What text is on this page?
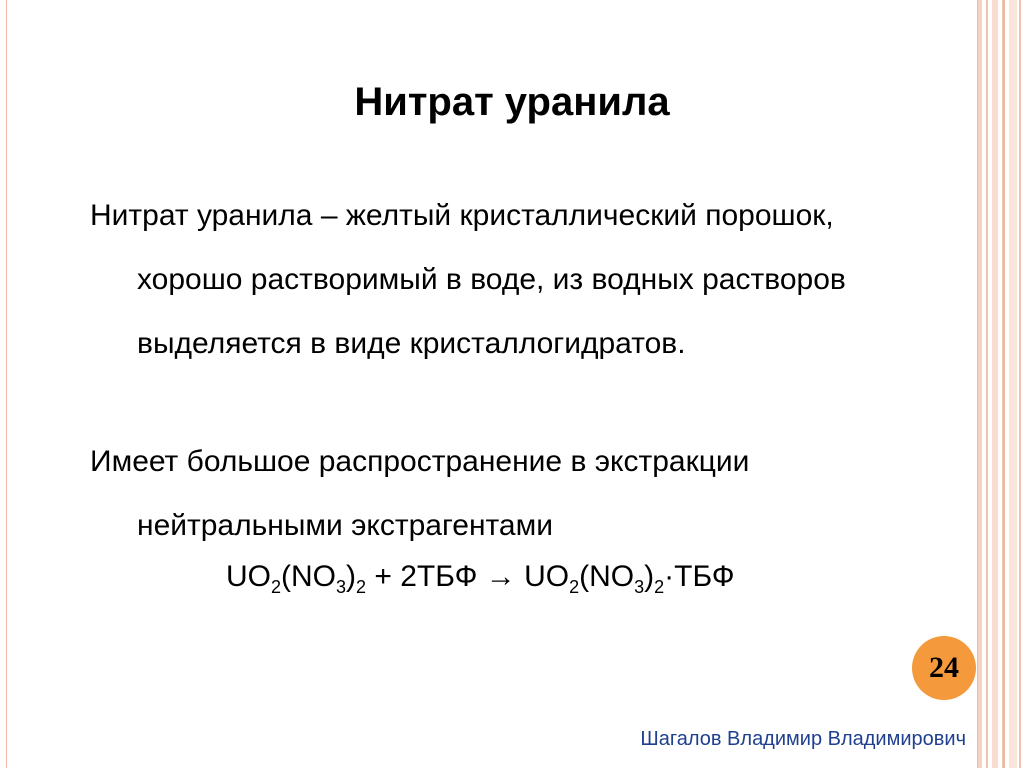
Нитрат уранила
Нитрат уранила – желтый кристаллический порошок,
хорошо растворимый в воде, из водных растворов
выделяется в виде кристаллогидратов.
Имеет большое распространение в экстракции
нейтральными экстрагентами
$UO_2(NO_3)_2 + 2ТБФ \to UO_2(NO_3)_2\cdot ТБФ$
24
Шагалов Владимир Владимирович
